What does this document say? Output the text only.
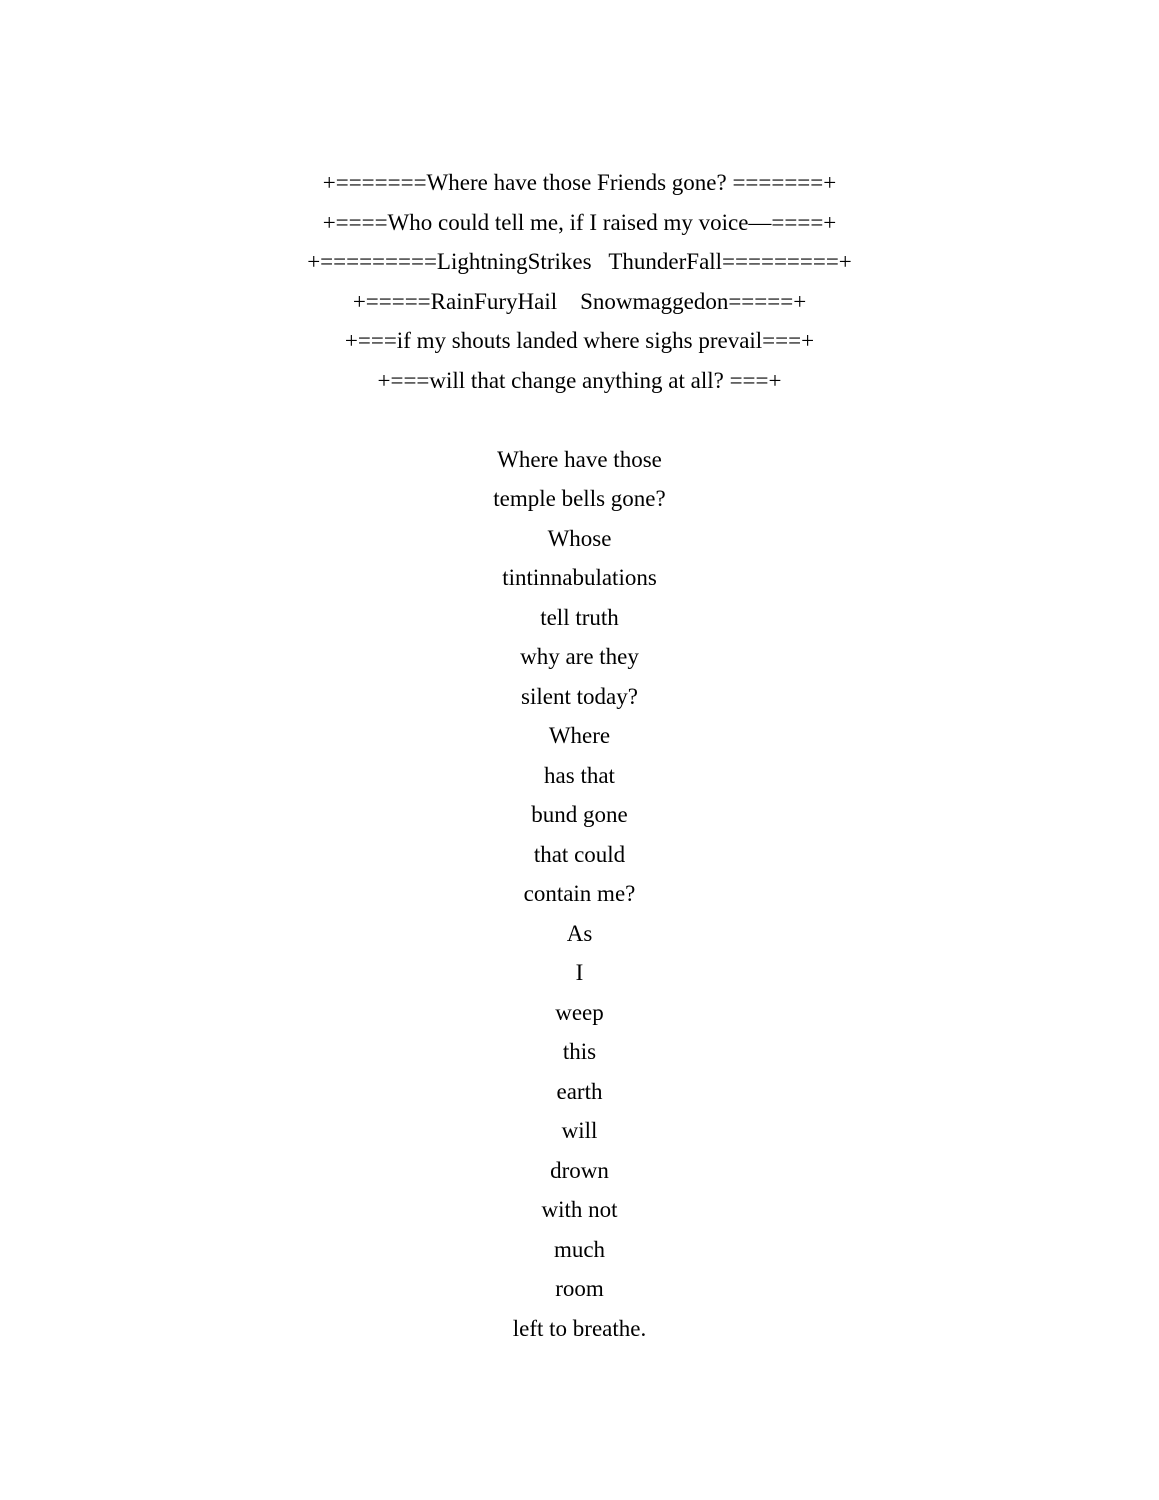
+=======Where have those Friends gone? =======+
+====Who could tell me, if I raised my voice—====+
+=========LightningStrikes   ThunderFall=========+
+=====RainFuryHail    Snowmaggedon=====+
+===if my shouts landed where sighs prevail===+
+===will that change anything at all? ===+
Where have those
temple bells gone?
Whose
tintinnabulations
tell truth
why are they
silent today?
Where
has that
bund gone
that could
contain me?
As
I
weep
this
earth
will
drown
with not
much
room
left to breathe.
